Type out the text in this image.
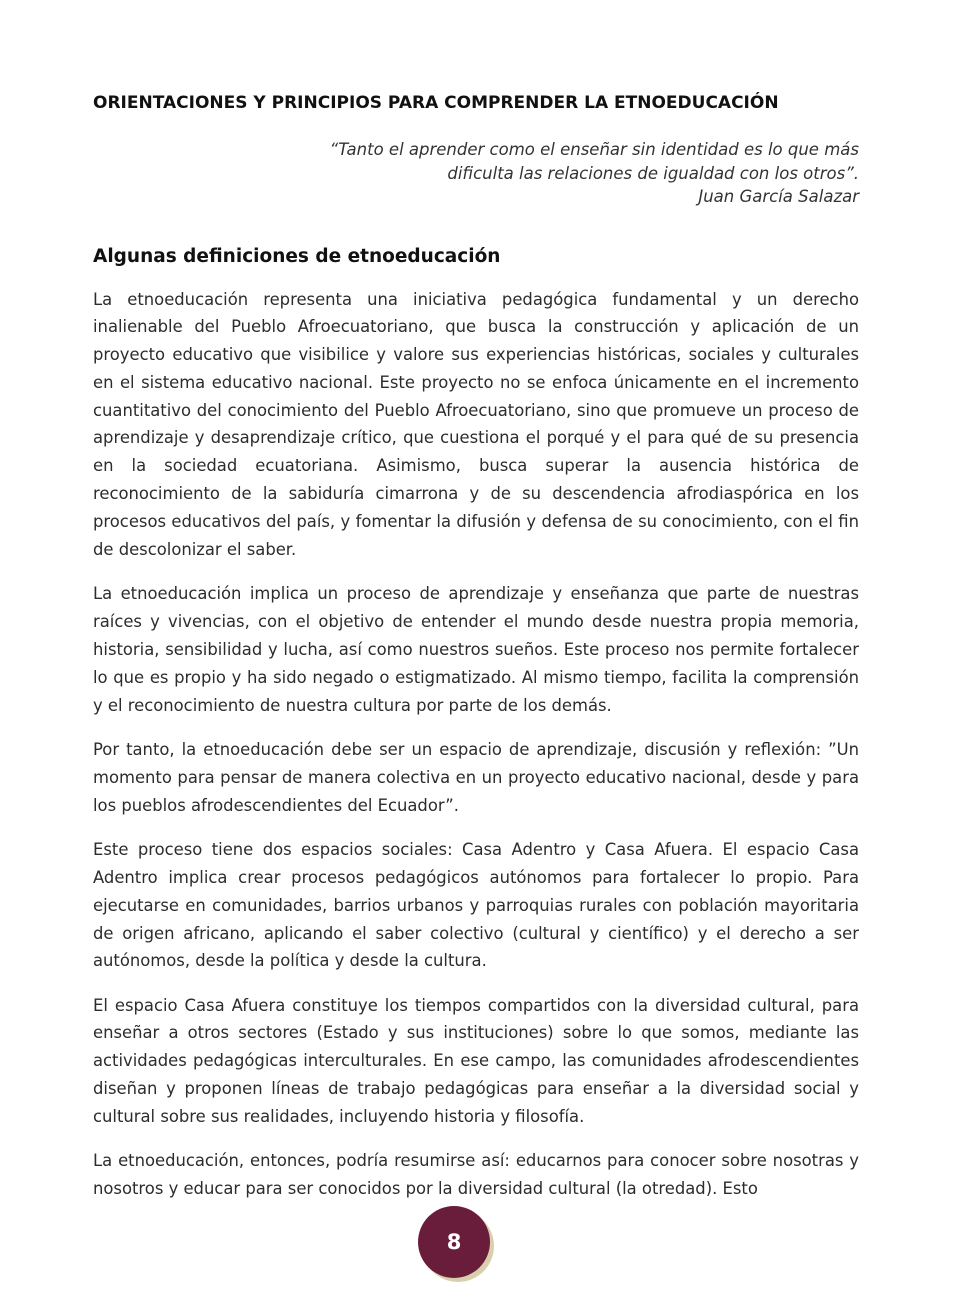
ORIENTACIONES Y PRINCIPIOS PARA COMPRENDER LA ETNOEDUCACIÓN
“Tanto el aprender como el enseñar sin identidad es lo que más
dificulta las relaciones de igualdad con los otros”.
Juan García Salazar
Algunas definiciones de etnoeducación

La etnoeducación representa una iniciativa pedagógica fundamental y un derecho inalienable del Pueblo Afroecuatoriano, que busca la construcción y aplicación de un proyecto educativo que visibilice y valore sus experiencias históricas, sociales y culturales en el sistema educativo nacional. Este proyecto no se enfoca únicamente en el incremento cuantitativo del conocimiento del Pueblo Afroecuatoriano, sino que promueve un proceso de aprendizaje y desaprendizaje crítico, que cuestiona el porqué y el para qué de su presencia en la sociedad ecuatoriana. Asimismo, busca superar la ausencia histórica de reconocimiento de la sabiduría cimarrona y de su descendencia afrodiaspórica en los procesos educativos del país, y fomentar la difusión y defensa de su conocimiento, con el fin de descolonizar el saber.

La etnoeducación implica un proceso de aprendizaje y enseñanza que parte de nuestras raíces y vivencias, con el objetivo de entender el mundo desde nuestra propia memoria, historia, sensibilidad y lucha, así como nuestros sueños. Este proceso nos permite fortalecer lo que es propio y ha sido negado o estigmatizado. Al mismo tiempo, facilita la comprensión y el reconocimiento de nuestra cultura por parte de los demás.

Por tanto, la etnoeducación debe ser un espacio de aprendizaje, discusión y reflexión: ”Un momento para pensar de manera colectiva en un proyecto educativo nacional, desde y para los pueblos afrodescendientes del Ecuador”.

Este proceso tiene dos espacios sociales: Casa Adentro y Casa Afuera. El espacio Casa Adentro implica crear procesos pedagógicos autónomos para fortalecer lo propio. Para ejecutarse en comunidades, barrios urbanos y parroquias rurales con población mayoritaria de origen africano, aplicando el saber colectivo (cultural y científico) y el derecho a ser autónomos, desde la política y desde la cultura.

El espacio Casa Afuera constituye los tiempos compartidos con la diversidad cultural, para enseñar a otros sectores (Estado y sus instituciones) sobre lo que somos, mediante las actividades pedagógicas interculturales. En ese campo, las comunidades afrodescendientes diseñan y proponen líneas de trabajo pedagógicas para enseñar a la diversidad social y cultural sobre sus realidades, incluyendo historia y filosofía.

La etnoeducación, entonces, podría resumirse así: educarnos para conocer sobre nosotras y nosotros y educar para ser conocidos por la diversidad cultural (la otredad). Esto

8
